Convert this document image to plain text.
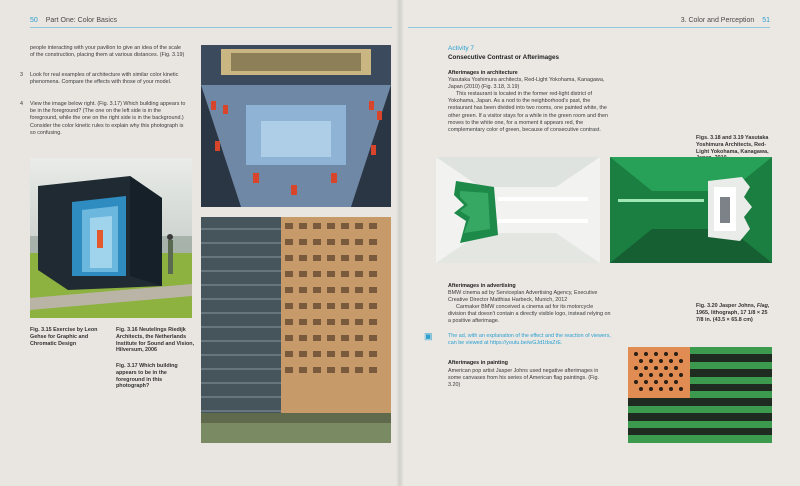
50 Part One: Color Basics
people interacting with your pavilion to give an idea of the scale of the construction, placing them at various distances. (Fig. 3.19)
3	Look for real examples of architecture with similar color kinetic phenomena. Compare the effects with those of your model.
4	View the image below right. (Fig. 3.17) Which building appears to be in the foreground? (The one on the left side is in the foreground, while the one on the right side is in the background.) Consider the color kinetic rules to explain why this photograph is so confusing.
Fig. 3.15 Exercise by Leon Gehse for Graphic and Chromatic Design
Fig. 3.16 Neutelings Riedijk Architects, the Netherlands Institute for Sound and Vision, Hilversum, 2006
Fig. 3.17 Which building appears to be in the foreground in this photograph?
3. Color and Perception 51
Activity 7
Consecutive Contrast or Afterimages
Afterimages in architecture
Yasutaka Yoshimura architects, Red-Light Yokohama, Kanagawa, Japan (2010) (Fig. 3.18, 3.19)
This restaurant is located in the former red-light district of Yokohama, Japan. As a nod to the neighborhood's past, the restaurant has been divided into two rooms, one painted white, the other green. If a visitor stays for a while in the green room and then moves to the white one, for a moment it appears red, the complementary color of green, because of consecutive contrast.
Figs. 3.18 and 3.19 Yasutaka Yoshimura Architects, Red-Light Yokohama, Kanagawa,
Afterimages in advertising
BMW cinema ad by Serviceplan Advertising Agency, Executive Creative Director Matthias Harbeck, Munich, 2012
Carmaker BMW conceived a cinema ad for its motorcycle division that doesn't contain a directly visible logo, instead relying on a positive afterimage.
▣	The ad, with an explanation of the effect and the reaction of viewers, can be viewed at https://youtu.be/wGJd1tbsZrE.
Afterimages in painting
American pop artist Jasper Johns used negative afterimages in some canvases from his series of American flag paintings. (Fig. 3.20)
Fig. 3.20 Jasper Johns, Flag, 1965, lithograph, 17 1/8 × 25 7/8 in. (43.5 × 65.8 cm)
